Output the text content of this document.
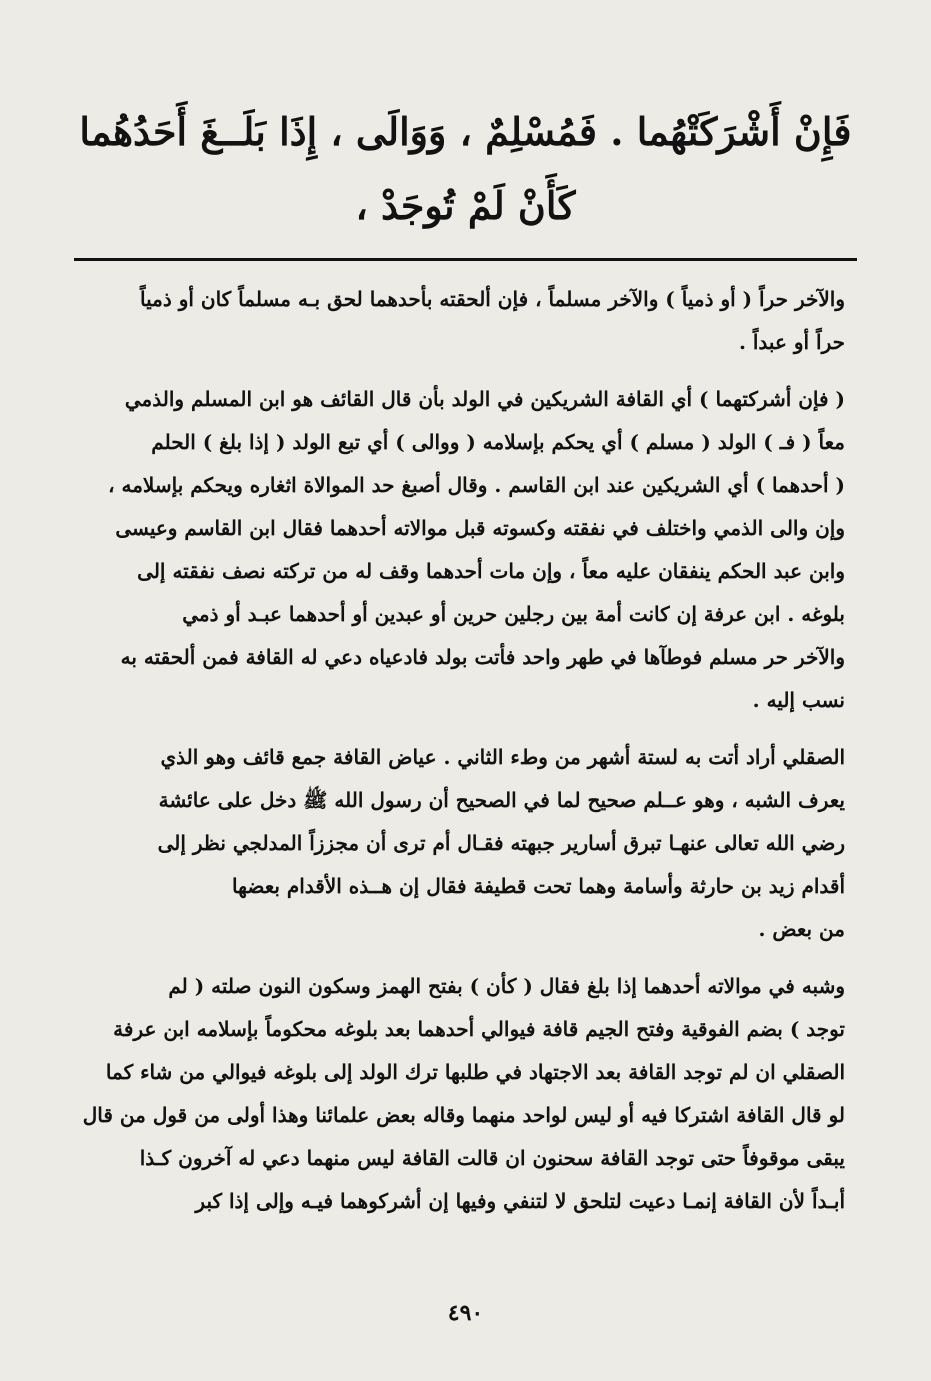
فَإِنْ أَشْرَكَتْهُما . فَمُسْلِمٌ ، وَوَالَى ، إِذَا بَلَــغَ أَحَدُهُما
كَأَنْ لَمْ تُوجَدْ ،

والآخر حراً ( أو ذمياً ) والآخر مسلماً ، فإن ألحقته بأحدهما لحق بـه مسلماً كان أو ذمياً
حراً أو عبداً .

( فإن أشركتهما ) أي القافة الشريكين في الولد بأن قال القائف هو ابن المسلم والذمي
معاً ( فـ ) الولد ( مسلم ) أي يحكم بإسلامه ( ووالى ) أي تبع الولد ( إذا بلغ ) الحلم
( أحدهما ) أي الشريكين عند ابن القاسم . وقال أصبغ حد الموالاة اثغاره ويحكم بإسلامه ،
وإن والى الذمي واختلف في نفقته وكسوته قبل موالاته أحدهما فقال ابن القاسم وعيسى
وابن عبد الحكم ينفقان عليه معاً ، وإن مات أحدهما وقف له من تركته نصف نفقته إلى
بلوغه . ابن عرفة إن كانت أمة بين رجلين حرين أو عبدين أو أحدهما عبـد أو ذمي
والآخر حر مسلم فوطآها في طهر واحد فأتت بولد فادعياه دعي له القافة فمن ألحقته به
نسب إليه .

الصقلي أراد أتت به لستة أشهر من وطء الثاني . عياض القافة جمع قائف وهو الذي
يعرف الشبه ، وهو عــلم صحيح لما في الصحيح أن رسول الله ﷺ دخل على عائشة
رضي الله تعالى عنهـا تبرق أسارير جبهته فقـال أم ترى أن مجززاً المدلجي نظر إلى
أقدام زيد بن حارثة وأسامة وهما تحت قطيفة فقال إن هــذه الأقدام بعضها
من بعض .

وشبه في موالاته أحدهما إذا بلغ فقال ( كأن ) بفتح الهمز وسكون النون صلته ( لم
توجد ) بضم الفوقية وفتح الجيم قافة فيوالي أحدهما بعد بلوغه محكوماً بإسلامه ابن عرفة
الصقلي ان لم توجد القافة بعد الاجتهاد في طلبها ترك الولد إلى بلوغه فيوالي من شاء كما
لو قال القافة اشتركا فيه أو ليس لواحد منهما وقاله بعض علمائنا وهذا أولى من قول من قال
يبقى موقوفاً حتى توجد القافة سحنون ان قالت القافة ليس منهما دعي له آخرون كـذا
أبـداً لأن القافة إنمـا دعيت لتلحق لا لتنفي وفيها إن أشركوهما فيـه وإلى إذا كبر

٤٩٠
